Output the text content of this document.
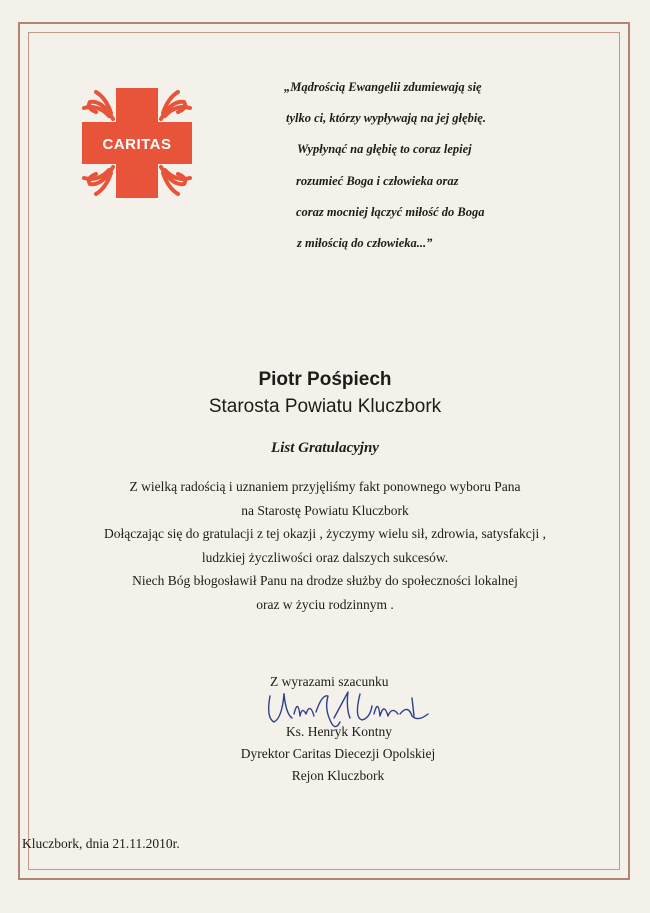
CARITAS
„Mądrością Ewangelii zdumiewają się
tylko ci, którzy wypływają na jej głębię.
Wypłynąć na głębię to coraz lepiej
rozumieć Boga i człowieka oraz
coraz mocniej łączyć miłość do Boga
z miłością do człowieka...”
Piotr Pośpiech
Starosta Powiatu Kluczbork
List Gratulacyjny
Z wielką radością i uznaniem przyjęliśmy fakt ponownego wyboru Pana
na Starostę Powiatu Kluczbork
Dołączając się do gratulacji z tej okazji , życzymy wielu sił, zdrowia, satysfakcji ,
ludzkiej życzliwości oraz dalszych sukcesów.
Niech Bóg błogosławił Panu na drodze służby do społeczności lokalnej
oraz w życiu rodzinnym .
Z wyrazami szacunku
Ks. Henryk Kontny
Dyrektor Caritas Diecezji Opolskiej
Rejon Kluczbork
Kluczbork, dnia 21.11.2010r.
